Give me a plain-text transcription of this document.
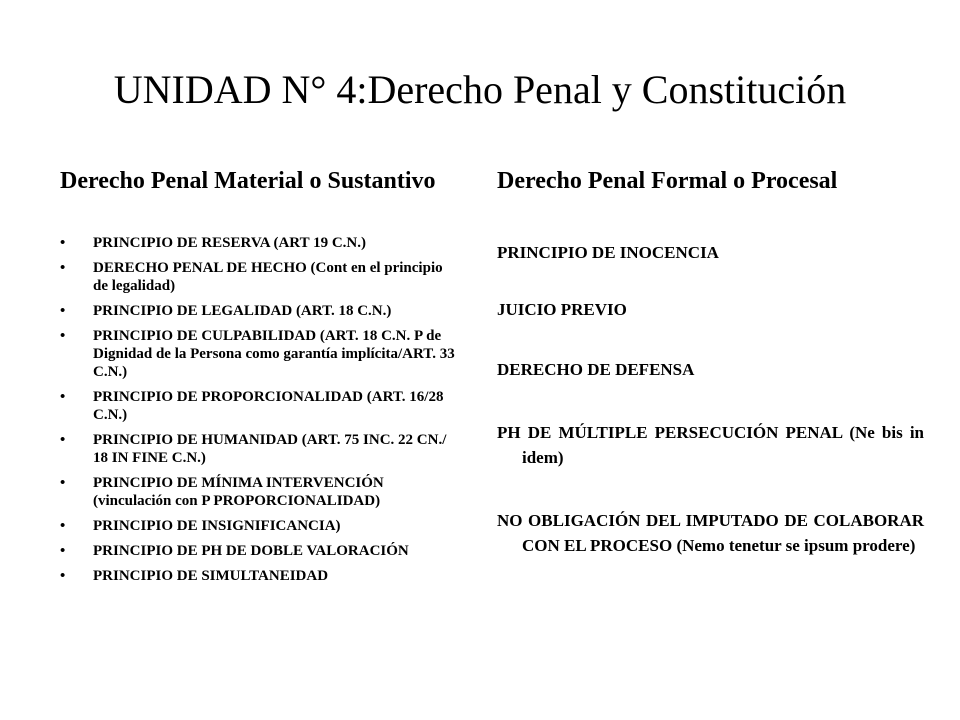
UNIDAD N° 4:Derecho Penal y Constitución
Derecho Penal Material o Sustantivo	Derecho Penal Formal o Procesal
• PRINCIPIO DE RESERVA (ART 19 C.N.)
• DERECHO PENAL DE HECHO (Cont en el principio de legalidad)
• PRINCIPIO DE LEGALIDAD (ART. 18 C.N.)
• PRINCIPIO DE CULPABILIDAD (ART. 18 C.N. P de Dignidad de la Persona como garantía implícita/ART. 33 C.N.)
• PRINCIPIO DE PROPORCIONALIDAD (ART. 16/28 C.N.)
• PRINCIPIO DE HUMANIDAD (ART. 75 INC. 22 CN./ 18 IN FINE C.N.)
• PRINCIPIO DE MÍNIMA INTERVENCIÓN (vinculación con P PROPORCIONALIDAD)
• PRINCIPIO DE INSIGNIFICANCIA)
• PRINCIPIO DE PH DE DOBLE VALORACIÓN
• PRINCIPIO DE SIMULTANEIDAD
PRINCIPIO DE INOCENCIA
JUICIO PREVIO
DERECHO DE DEFENSA
PH DE MÚLTIPLE PERSECUCIÓN PENAL (Ne bis in idem)
NO OBLIGACIÓN DEL IMPUTADO DE COLABORAR CON EL PROCESO (Nemo tenetur se ipsum prodere)
